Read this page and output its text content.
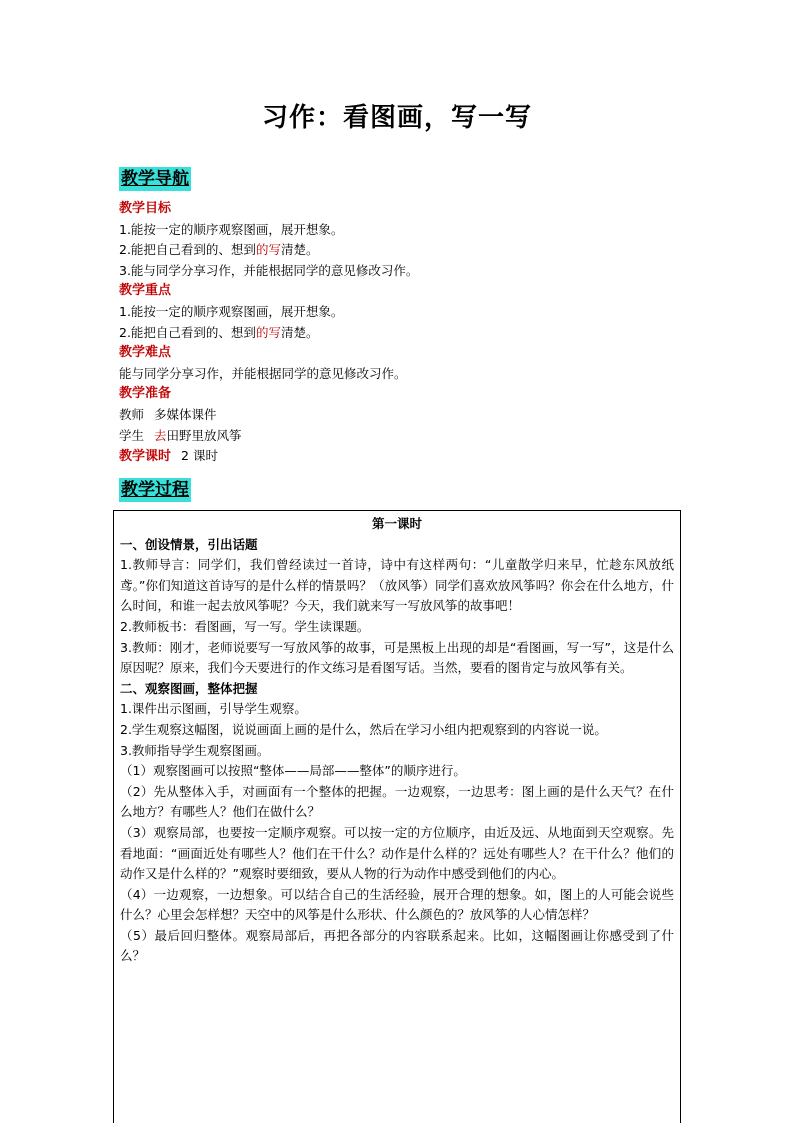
习作：看图画，写一写
教学导航
教学目标
1.能按一定的顺序观察图画，展开想象。
2.能把自己看到的、想到的写清楚。
3.能与同学分享习作，并能根据同学的意见修改习作。
教学重点
1.能按一定的顺序观察图画，展开想象。
2.能把自己看到的、想到的写清楚。
教学难点
能与同学分享习作，并能根据同学的意见修改习作。
教学准备
教师 多媒体课件
学生 去田野里放风筝
教学课时 2 课时
教学过程
第一课时
一、创设情景，引出话题
1.教师导言：同学们，我们曾经读过一首诗，诗中有这样两句：“儿童散学归来早，忙趁东风放纸鸢。”你们知道这首诗写的是什么样的情景吗？（放风筝）同学们喜欢放风筝吗？你会在什么地方，什么时间，和谁一起去放风筝呢？今天，我们就来写一写放风筝的故事吧！
2.教师板书：看图画，写一写。学生读课题。
3.教师：刚才，老师说要写一写放风筝的故事，可是黑板上出现的却是“看图画，写一写”，这是什么原因呢？原来，我们今天要进行的作文练习是看图写话。当然，要看的图肯定与放风筝有关。
二、观察图画，整体把握
1.课件出示图画，引导学生观察。
2.学生观察这幅图，说说画面上画的是什么，然后在学习小组内把观察到的内容说一说。
3.教师指导学生观察图画。
（1）观察图画可以按照“整体——局部——整体”的顺序进行。
（2）先从整体入手，对画面有一个整体的把握。一边观察，一边思考：图上画的是什么天气？在什么地方？有哪些人？他们在做什么？
（3）观察局部，也要按一定顺序观察。可以按一定的方位顺序，由近及远、从地面到天空观察。先看地面：“画面近处有哪些人？他们在干什么？动作是什么样的？远处有哪些人？在干什么？他们的动作又是什么样的？”观察时要细致，要从人物的行为动作中感受到他们的内心。
（4）一边观察，一边想象。可以结合自己的生活经验，展开合理的想象。如，图上的人可能会说些什么？心里会怎样想？天空中的风筝是什么形状、什么颜色的？放风筝的人心情怎样？
（5）最后回归整体。观察局部后，再把各部分的内容联系起来。比如，这幅图画让你感受到了什么？
